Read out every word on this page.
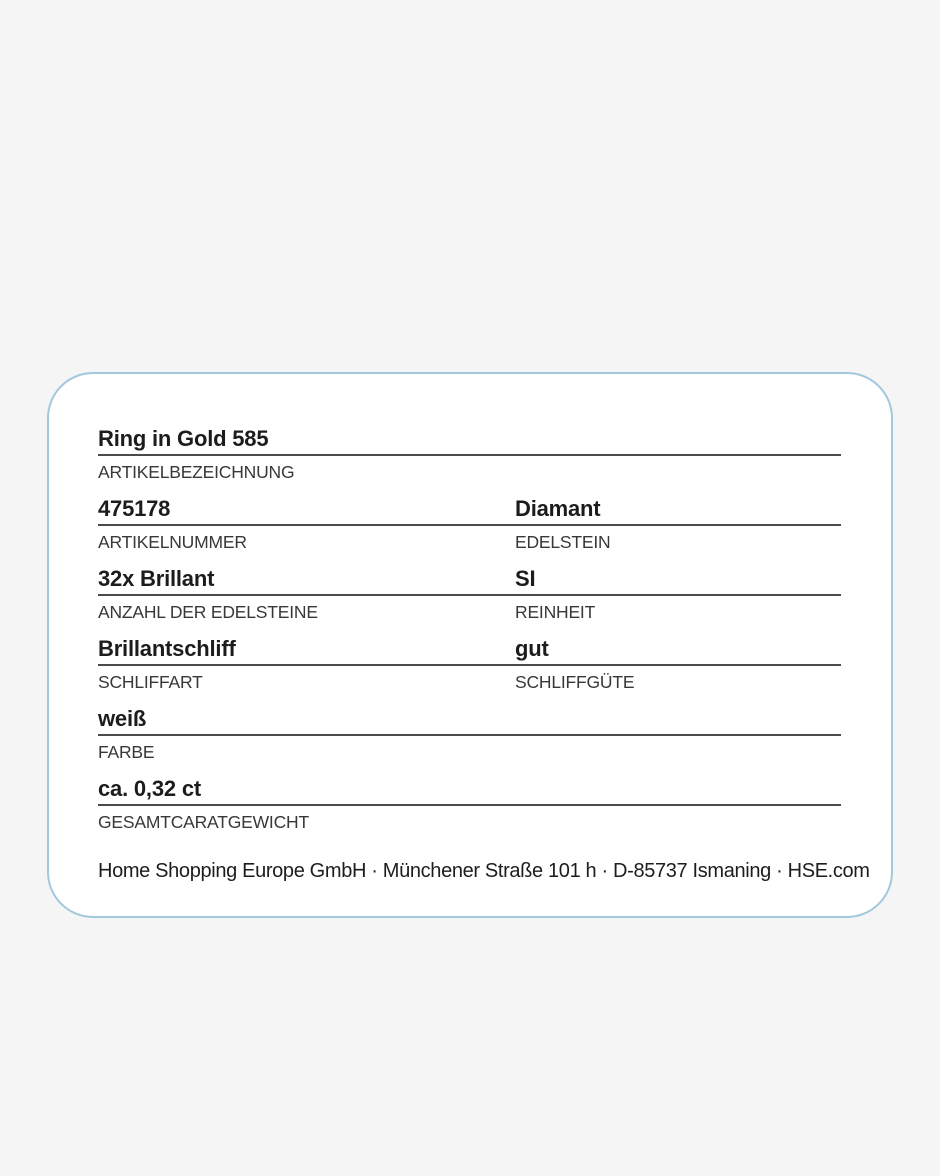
Ring in Gold 585
ARTIKELBEZEICHNUNG
475178	Diamant
ARTIKELNUMMER	EDELSTEIN
32x Brillant	SI
ANZAHL DER EDELSTEINE	REINHEIT
Brillantschliff	gut
SCHLIFFART	SCHLIFFGÜTE
weiß
FARBE
ca. 0,32 ct
GESAMTCARATGEWICHT
Home Shopping Europe GmbH · Münchener Straße 101 h · D-85737 Ismaning · HSE.com
